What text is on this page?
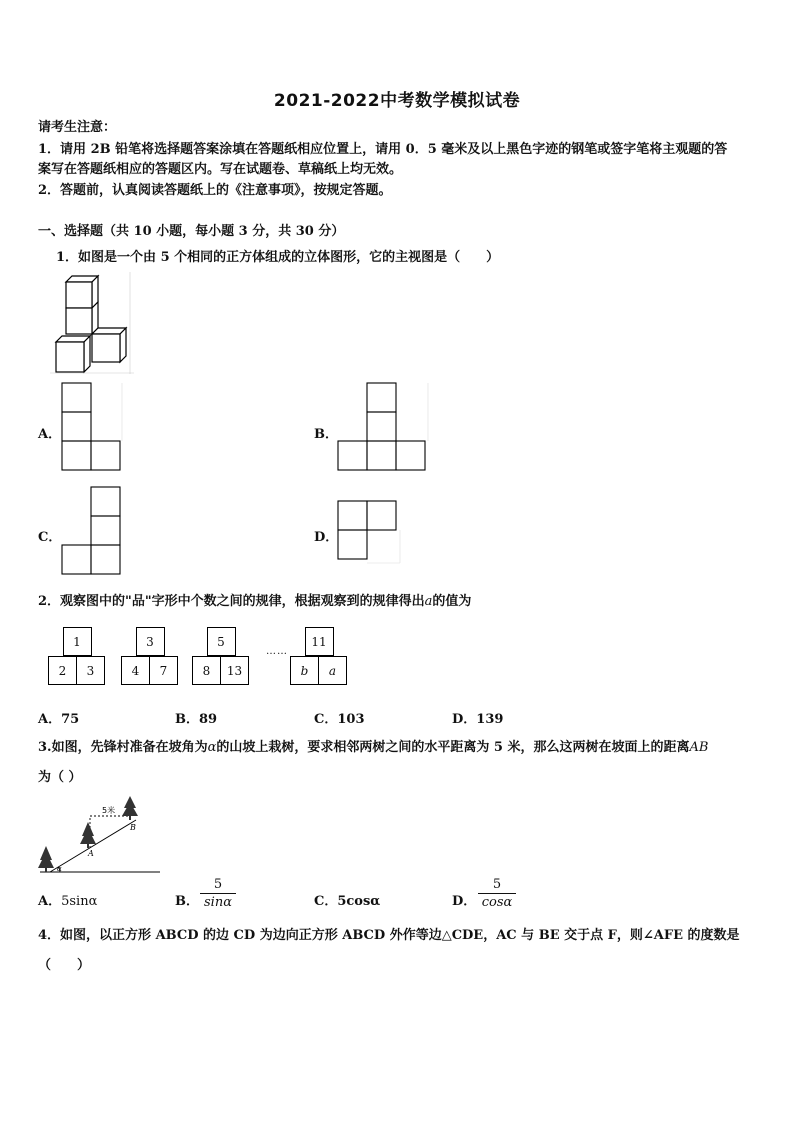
2021-2022中考数学模拟试卷
请考生注意：
1．请用 2B 铅笔将选择题答案涂填在答题纸相应位置上，请用 0．5 毫米及以上黑色字迹的钢笔或签字笔将主观题的答
案写在答题纸相应的答题区内。写在试题卷、草稿纸上均无效。
2．答题前，认真阅读答题纸上的《注意事项》，按规定答题。
一、选择题（共 10 小题，每小题 3 分，共 30 分）
1．如图是一个由 5 个相同的正方体组成的立体图形，它的主视图是（　　）
A．	B．
C．	D．
2．观察图中的"品"字形中个数之间的规律，根据观察到的规律得出a的值为
1
2	3
3
4	7
5
8	13
11
b	a
……
A．75	B．89	C．103	D．139
3.如图，先锋村准备在坡角为α的山坡上栽树，要求相邻两树之间的水平距离为 5 米，那么这两树在坡面上的距离AB
为（ ）
5米
A
B
α
A．5sinα	B．
5
sinα	C．5cosα	D．
5
cosα
4．如图，以正方形 ABCD 的边 CD 为边向正方形 ABCD 外作等边△CDE，AC 与 BE 交于点 F，则∠AFE 的度数是
（　　）
